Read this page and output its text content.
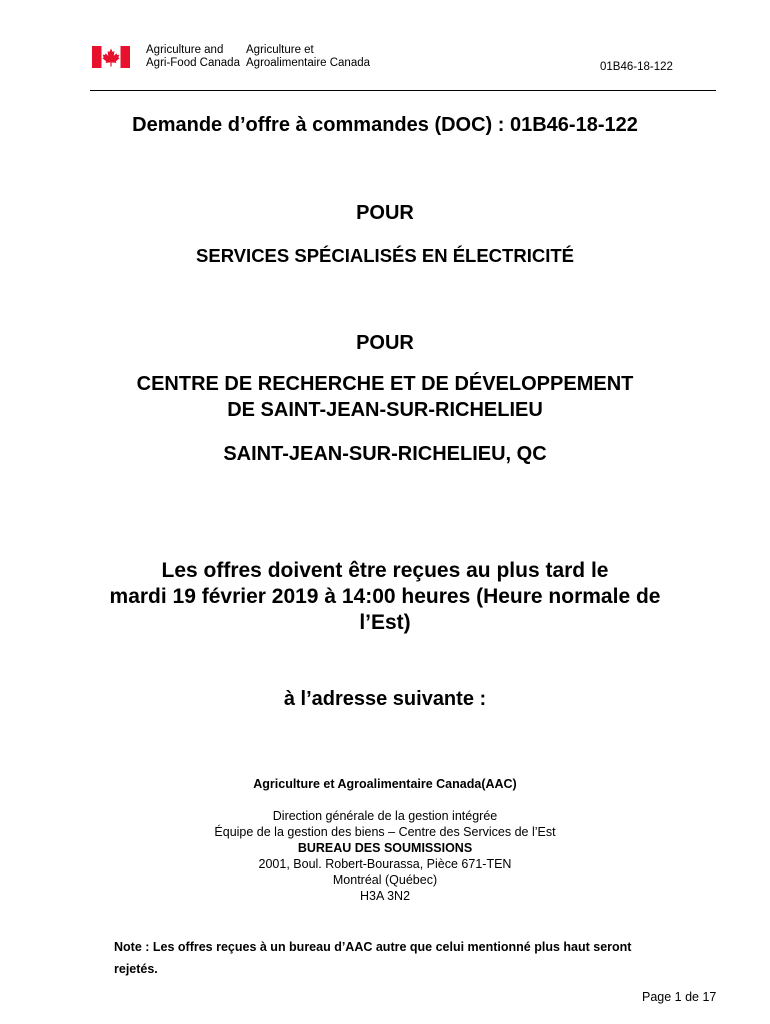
Agriculture and
Agri-Food Canada
Agriculture et
Agroalimentaire Canada	01B46-18-122
Demande d’offre à commandes (DOC) : 01B46-18-122
POUR
SERVICES SPÉCIALISÉS EN ÉLECTRICITÉ
POUR
CENTRE DE RECHERCHE ET DE DÉVELOPPEMENT
DE SAINT-JEAN-SUR-RICHELIEU
SAINT-JEAN-SUR-RICHELIEU, QC
Les offres doivent être reçues au plus tard le
mardi 19 février 2019 à 14:00 heures (Heure normale de
l’Est)
à l’adresse suivante :
Agriculture et Agroalimentaire Canada(AAC)
Direction générale de la gestion intégrée
Équipe de la gestion des biens – Centre des Services de l’Est
BUREAU DES SOUMISSIONS
2001, Boul. Robert-Bourassa, Pièce 671-TEN
Montréal (Québec)
H3A 3N2
Note : Les offres reçues à un bureau d’AAC autre que celui mentionné plus haut seront
rejetés.
Page 1 de 17
